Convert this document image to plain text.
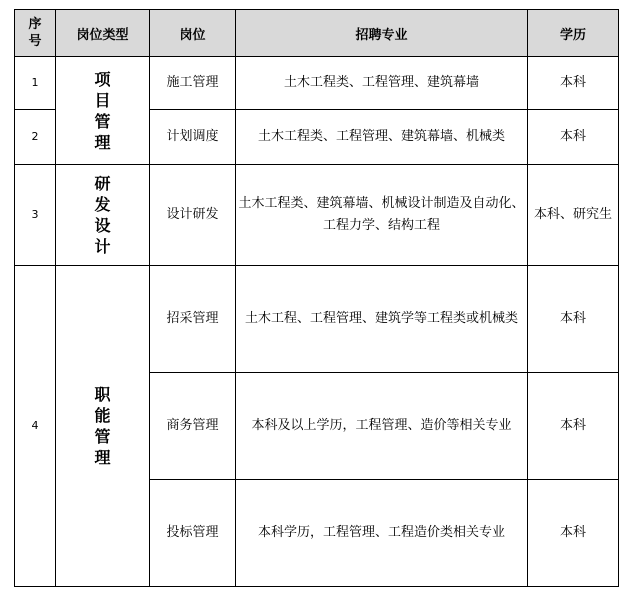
序号	岗位类型	岗位	招聘专业	学历
1	项目管理	施工管理	土木工程类、工程管理、建筑幕墙	本科
2		计划调度	土木工程类、工程管理、建筑幕墙、机械类	本科
3	研发设计	设计研发	土木工程类、建筑幕墙、机械设计制造及自动化、工程力学、结构工程	本科、研究生
4	职能管理	招采管理	土木工程、工程管理、建筑学等工程类或机械类	本科
		商务管理	本科及以上学历，工程管理、造价等相关专业	本科
		投标管理	本科学历，工程管理、工程造价类相关专业	本科
